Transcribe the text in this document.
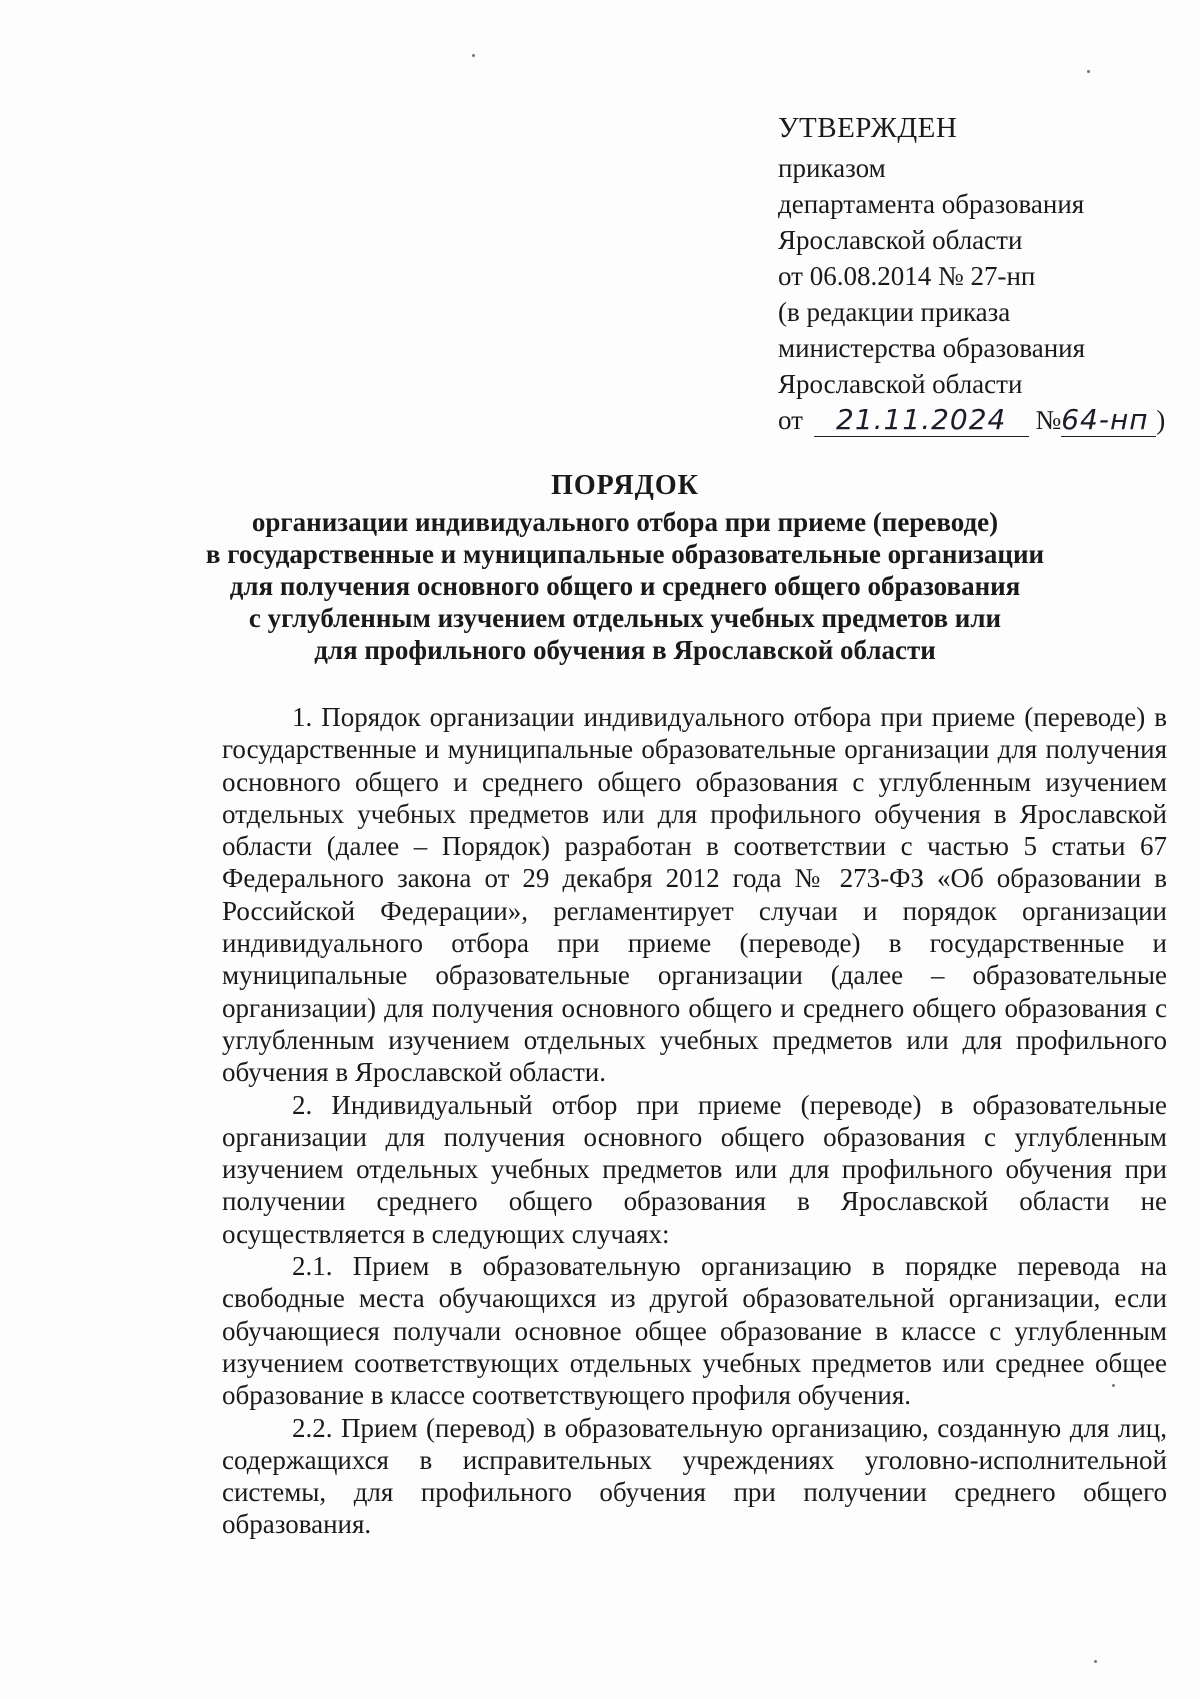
УТВЕРЖДЕН
приказом
департамента образования
Ярославской области
от 06.08.2014 № 27-нп
(в редакции приказа
министерства образования
Ярославской области
от 21.11.2024 №64-нп )
ПОРЯДОК
организации индивидуального отбора при приеме (переводе)
в государственные и муниципальные образовательные организации
для получения основного общего и среднего общего образования
с углубленным изучением отдельных учебных предметов или
для профильного обучения в Ярославской области

1. Порядок организации индивидуального отбора при приеме (переводе) в государственные и муниципальные образовательные организации для получения основного общего и среднего общего образования с углубленным изучением отдельных учебных предметов или для профильного обучения в Ярославской области (далее – Порядок) разработан в соответствии с частью 5 статьи 67 Федерального закона от 29 декабря 2012 года № 273-ФЗ «Об образовании в Российской Федерации», регламентирует случаи и порядок организации индивидуального отбора при приеме (переводе) в государственные и муниципальные образовательные организации (далее – образовательные организации) для получения основного общего и среднего общего образования с углубленным изучением отдельных учебных предметов или для профильного обучения в Ярославской области.

2. Индивидуальный отбор при приеме (переводе) в образовательные организации для получения основного общего образования с углубленным изучением отдельных учебных предметов или для профильного обучения при получении среднего общего образования в Ярославской области не осуществляется в следующих случаях:

2.1. Прием в образовательную организацию в порядке перевода на свободные места обучающихся из другой образовательной организации, если обучающиеся получали основное общее образование в классе с углубленным изучением соответствующих отдельных учебных предметов или среднее общее образование в классе соответствующего профиля обучения.

2.2. Прием (перевод) в образовательную организацию, созданную для лиц, содержащихся в исправительных учреждениях уголовно-исполнительной системы, для профильного обучения при получении среднего общего образования.
